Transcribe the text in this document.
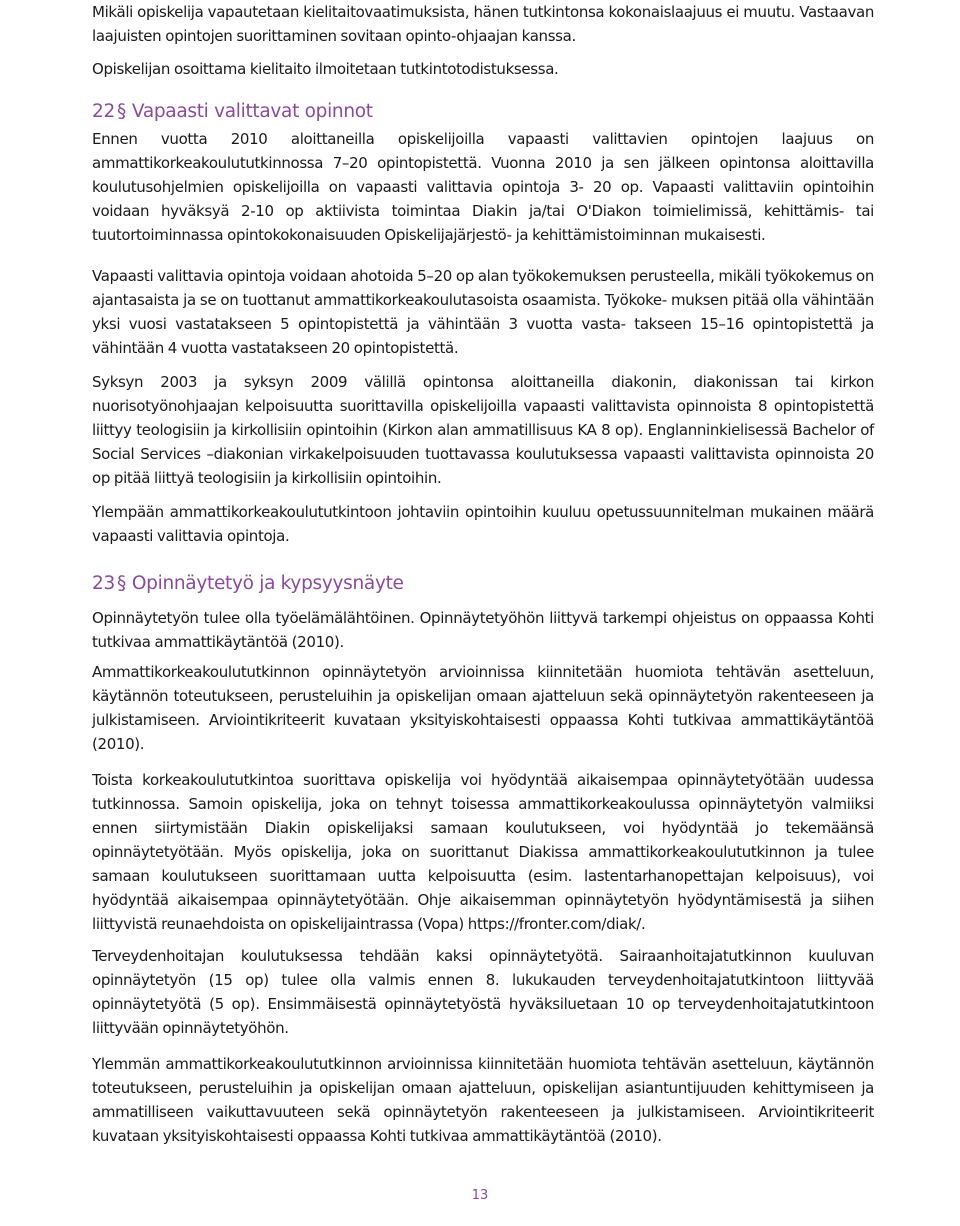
Mikäli opiskelija vapautetaan kielitaitovaatimuksista, hänen tutkintonsa kokonaislaajuus ei muutu. Vastaavan laajuisten opintojen suorittaminen sovitaan opinto-ohjaajan kanssa.

Opiskelijan osoittama kielitaito ilmoitetaan tutkintotodistuksessa.

22 § Vapaasti valittavat opinnot

Ennen vuotta 2010 aloittaneilla opiskelijoilla vapaasti valittavien opintojen laajuus on ammattikorkeakoulututkinnossa 7–20 opintopistettä. Vuonna 2010 ja sen jälkeen opintonsa aloittavilla koulutusohjelmien opiskelijoilla on vapaasti valittavia opintoja 3- 20 op. Vapaasti valittaviin opintoihin voidaan hyväksyä 2-10 op aktiivista toimintaa Diakin ja/tai O'Diakon toimielimissä, kehittämis- tai tuutortoiminnassa opintokokonaisuuden Opiskelijajärjestö- ja kehittämistoiminnan mukaisesti.

Vapaasti valittavia opintoja voidaan ahotoida 5–20 op alan työkokemuksen perusteella, mikäli työkokemus on ajantasaista ja se on tuottanut ammattikorkeakoulutasoista osaamista. Työkoke- muksen pitää olla vähintään yksi vuosi vastatakseen 5 opintopistettä ja vähintään 3 vuotta vasta- takseen 15–16 opintopistettä ja vähintään 4 vuotta vastatakseen 20 opintopistettä.

Syksyn 2003 ja syksyn 2009 välillä opintonsa aloittaneilla diakonin, diakonissan tai kirkon nuorisotyönohjaajan kelpoisuutta suorittavilla opiskelijoilla vapaasti valittavista opinnoista 8 opintopistettä liittyy teologisiin ja kirkollisiin opintoihin (Kirkon alan ammatillisuus KA 8 op). Englanninkielisessä Bachelor of Social Services –diakonian virkakelpoisuuden tuottavassa koulutuksessa vapaasti valittavista opinnoista 20 op pitää liittyä teologisiin ja kirkollisiin opintoihin.

Ylempään ammattikorkeakoulututkintoon johtaviin opintoihin kuuluu opetussuunnitelman mukainen määrä vapaasti valittavia opintoja.

23 § Opinnäytetyö ja kypsyysnäyte

Opinnäytetyön tulee olla työelämälähtöinen. Opinnäytetyöhön liittyvä tarkempi ohjeistus on oppaassa Kohti tutkivaa ammattikäytäntöä (2010).

Ammattikorkeakoulututkinnon opinnäytetyön arvioinnissa kiinnitetään huomiota tehtävän asetteluun, käytännön toteutukseen, perusteluihin ja opiskelijan omaan ajatteluun sekä opinnäytetyön rakenteeseen ja julkistamiseen. Arviointikriteerit kuvataan yksityiskohtaisesti oppaassa Kohti tutkivaa ammattikäytäntöä (2010).

Toista korkeakoulututkintoa suorittava opiskelija voi hyödyntää aikaisempaa opinnäytetyötään uudessa tutkinnossa. Samoin opiskelija, joka on tehnyt toisessa ammattikorkeakoulussa opinnäytetyön valmiiksi ennen siirtymistään Diakin opiskelijaksi samaan koulutukseen, voi hyödyntää jo tekemäänsä opinnäytetyötään. Myös opiskelija, joka on suorittanut Diakissa ammattikorkeakoulututkinnon ja tulee samaan koulutukseen suorittamaan uutta kelpoisuutta (esim. lastentarhanopettajan kelpoisuus), voi hyödyntää aikaisempaa opinnäytetyötään. Ohje aikaisemman opinnäytetyön hyödyntämisestä ja siihen liittyvistä reunaehdoista on opiskelijaintrassa (Vopa) https://fronter.com/diak/.

Terveydenhoitajan koulutuksessa tehdään kaksi opinnäytetyötä. Sairaanhoitajatutkinnon kuuluvan opinnäytetyön (15 op) tulee olla valmis ennen 8. lukukauden terveydenhoitajatutkintoon liittyvää opinnäytetyötä (5 op). Ensimmäisestä opinnäytetyöstä hyväksiluetaan 10 op terveydenhoitajatutkintoon liittyvään opinnäytetyöhön.

Ylemmän ammattikorkeakoulututkinnon arvioinnissa kiinnitetään huomiota tehtävän asetteluun, käytännön toteutukseen, perusteluihin ja opiskelijan omaan ajatteluun, opiskelijan asiantuntijuuden kehittymiseen ja ammatilliseen vaikuttavuuteen sekä opinnäytetyön rakenteeseen ja julkistamiseen. Arviointikriteerit kuvataan yksityiskohtaisesti oppaassa Kohti tutkivaa ammattikäytäntöä (2010).

13
